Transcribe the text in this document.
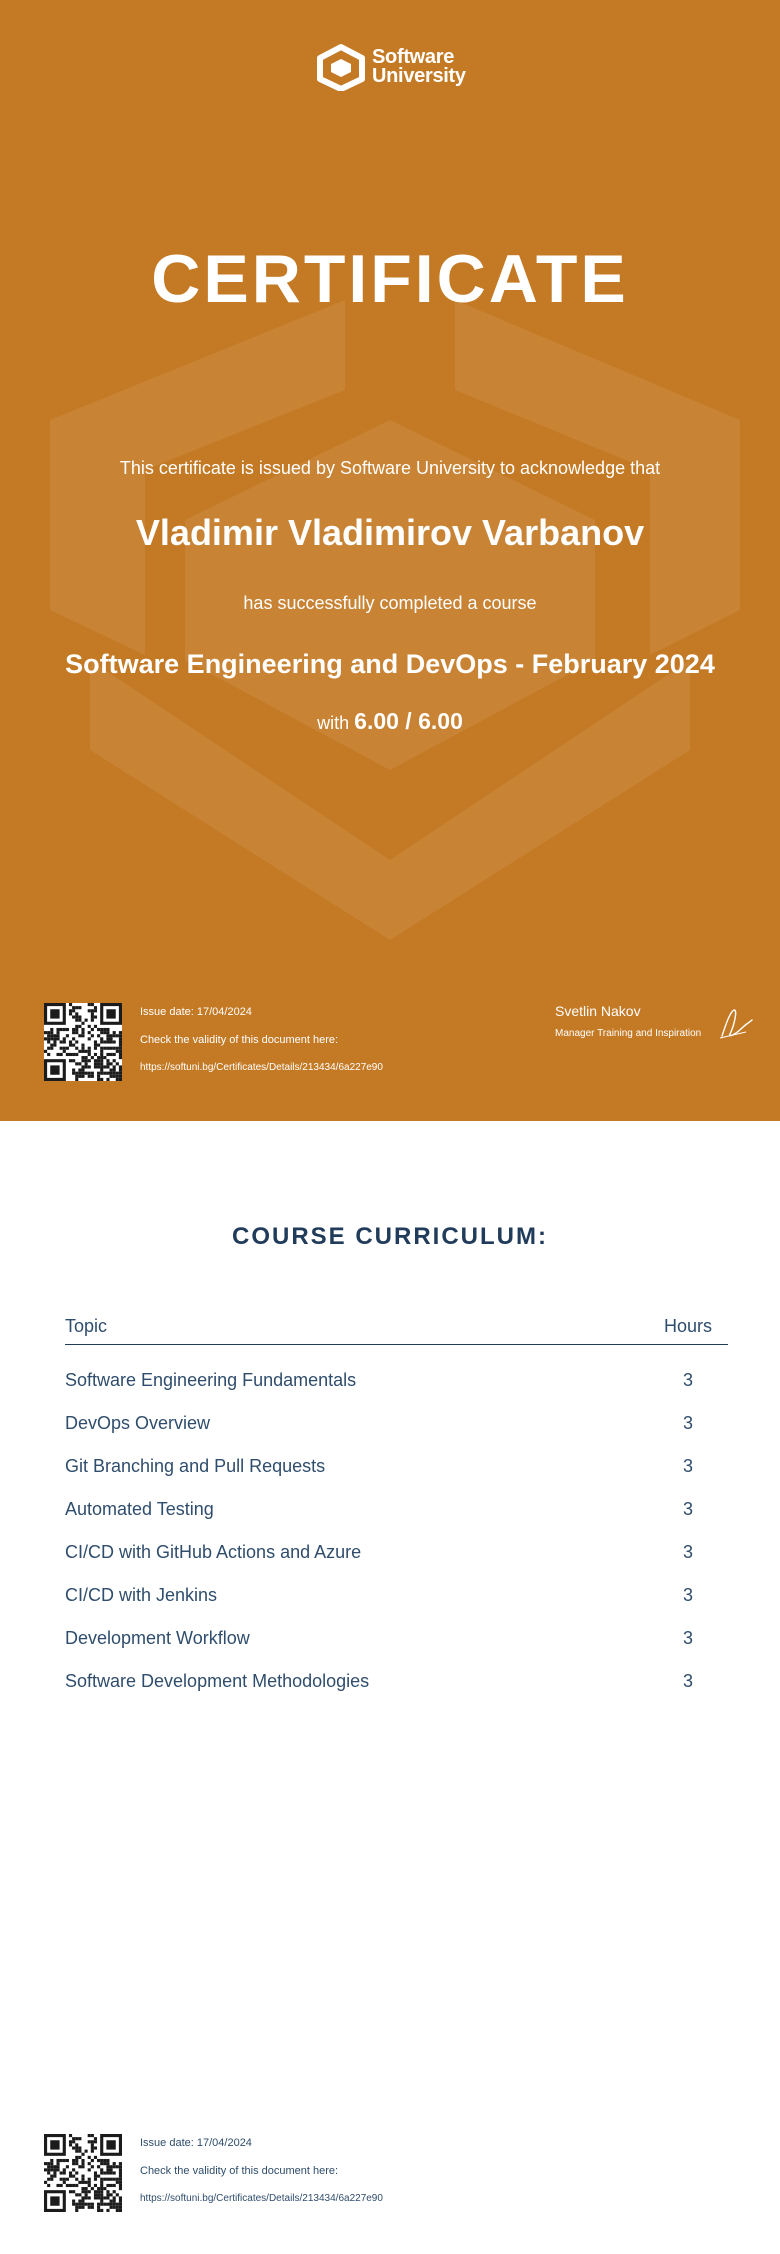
Software
University
CERTIFICATE
This certificate is issued by Software University to acknowledge that
Vladimir Vladimirov Varbanov
has successfully completed a course
Software Engineering and DevOps - February 2024
with 6.00 / 6.00
Issue date: 17/04/2024
Check the validity of this document here:
https://softuni.bg/Certificates/Details/213434/6a227e90
Svetlin Nakov
Manager Training and Inspiration
COURSE CURRICULUM:
Topic	Hours
Software Engineering Fundamentals	3
DevOps Overview	3
Git Branching and Pull Requests	3
Automated Testing	3
CI/CD with GitHub Actions and Azure	3
CI/CD with Jenkins	3
Development Workflow	3
Software Development Methodologies	3
Issue date: 17/04/2024
Check the validity of this document here:
https://softuni.bg/Certificates/Details/213434/6a227e90
